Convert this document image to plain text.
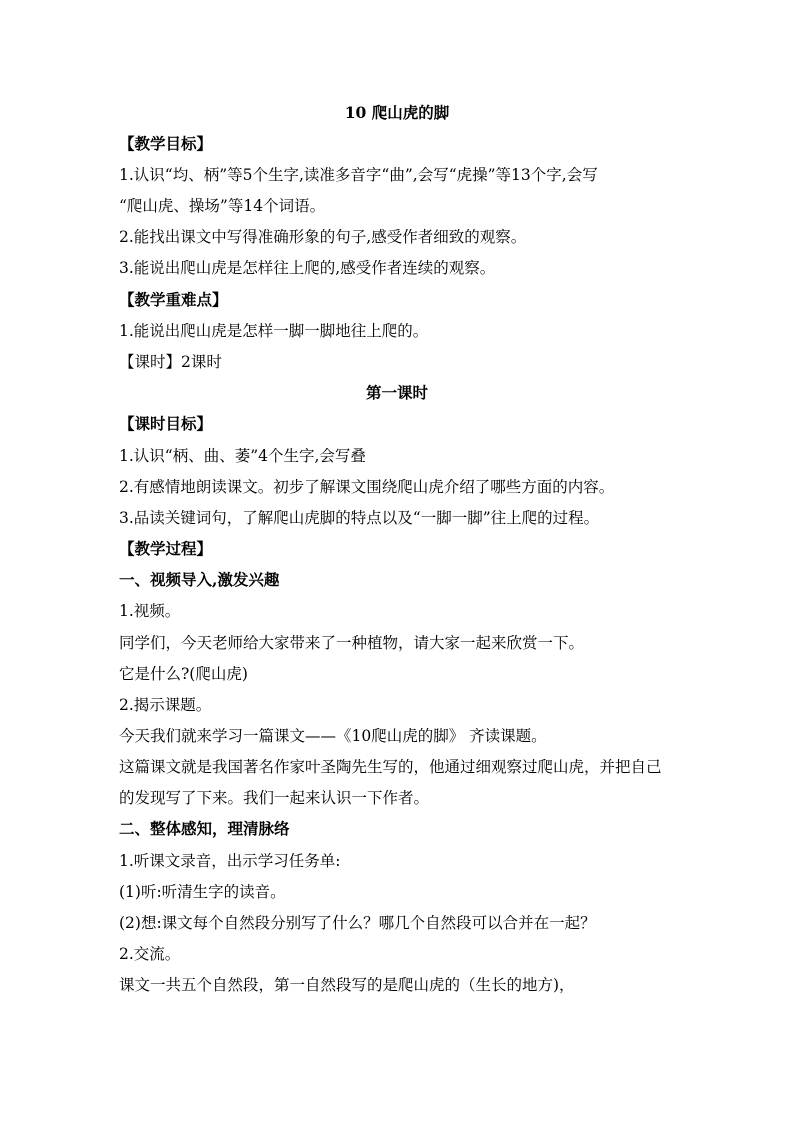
10 爬山虎的脚
【教学目标】
1.认识“均、柄”等5个生字,读准多音字“曲”,会写“虎操”等13个字,会写
“爬山虎、操场”等14个词语。
2.能找出课文中写得准确形象的句子,感受作者细致的观察。
3.能说出爬山虎是怎样往上爬的,感受作者连续的观察。
【教学重难点】
1.能说出爬山虎是怎样一脚一脚地往上爬的。
【课时】2课时
第一课时
【课时目标】
1.认识“柄、曲、萎”4个生字,会写叠
2.有感情地朗读课文。初步了解课文围绕爬山虎介绍了哪些方面的内容。
3.品读关键词句，了解爬山虎脚的特点以及“一脚一脚”往上爬的过程。
【教学过程】
一、视频导入,激发兴趣
1.视频。
同学们，今天老师给大家带来了一种植物，请大家一起来欣赏一下。
它是什么?(爬山虎)
2.揭示课题。
今天我们就来学习一篇课文——《10爬山虎的脚》 齐读课题。
这篇课文就是我国著名作家叶圣陶先生写的，他通过细观察过爬山虎，并把自己
的发现写了下来。我们一起来认识一下作者。
二、整体感知，理清脉络
1.听课文录音，出示学习任务单:
(1)听:听清生字的读音。
(2)想:课文每个自然段分别写了什么？哪几个自然段可以合并在一起？
2.交流。
课文一共五个自然段，第一自然段写的是爬山虎的（生长的地方)，
